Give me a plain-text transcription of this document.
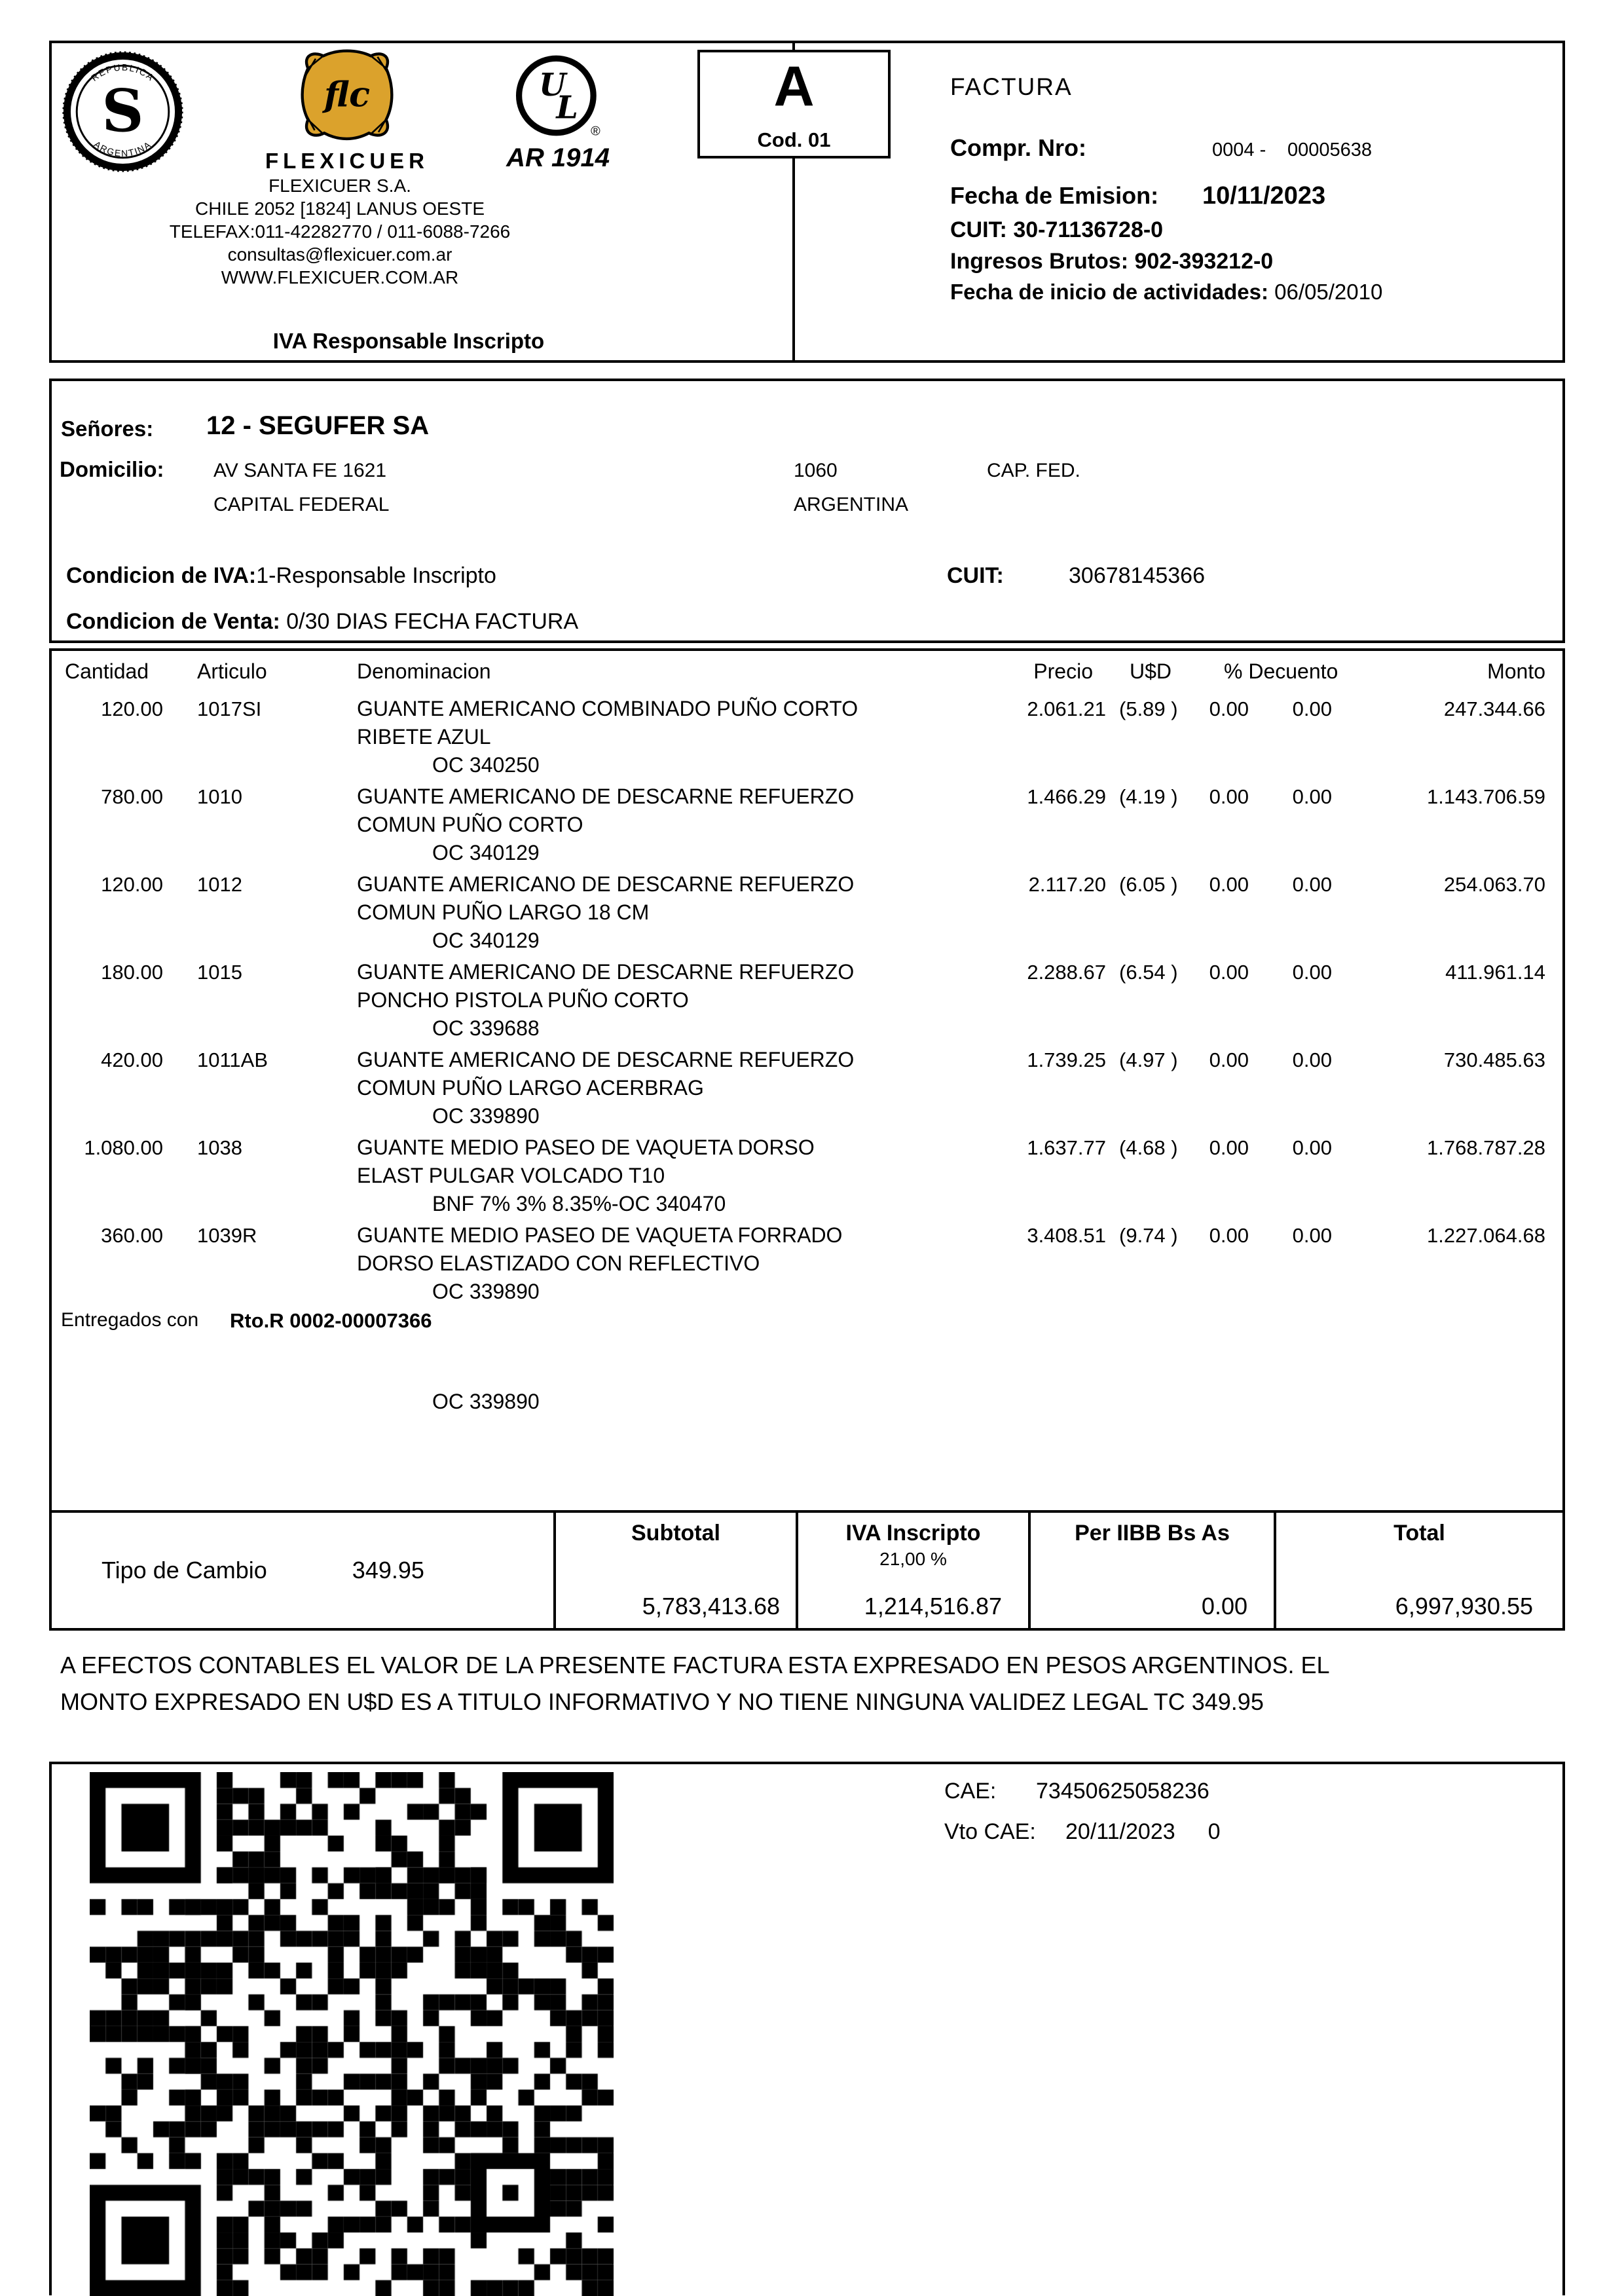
S
REPUBLICA
ARGENTINA
flc
FLEXICUER
U
L
®
AR 1914
FLEXICUER S.A.
CHILE 2052 [1824] LANUS OESTE
TELEFAX:011-42282770 / 011-6088-7266
consultas@flexicuer.com.ar
WWW.FLEXICUER.COM.AR
IVA Responsable Inscripto
A
Cod. 01
FACTURA
Compr. Nro:	0004 - 00005638
Fecha de Emision: 10/11/2023
CUIT: 30-71136728-0
Ingresos Brutos: 902-393212-0
Fecha de inicio de actividades: 06/05/2010
Señores: 12 - SEGUFER SA
Domicilio:	AV SANTA FE 1621	1060	CAP. FED.
CAPITAL FEDERAL	ARGENTINA
Condicion de IVA:1-Responsable Inscripto	CUIT:	30678145366
Condicion de Venta: 0/30 DIAS FECHA FACTURA
Cantidad	Articulo	Denominacion	Precio	U$D	% Decuento	Monto
120.00	1017SI	GUANTE AMERICANO COMBINADO PUÑO CORTO
RIBETE AZUL
OC 340250
2.061.21 (5.89 )	0.00	0.00	247.344.66
780.00	1010	GUANTE AMERICANO DE DESCARNE REFUERZO
COMUN PUÑO CORTO
OC 340129
1.466.29 (4.19 )	0.00	0.00	1.143.706.59
120.00	1012	GUANTE AMERICANO DE DESCARNE REFUERZO
COMUN PUÑO LARGO 18 CM
OC 340129
2.117.20 (6.05 )	0.00	0.00	254.063.70
180.00	1015	GUANTE AMERICANO DE DESCARNE REFUERZO
PONCHO PISTOLA PUÑO CORTO
OC 339688
2.288.67 (6.54 )	0.00	0.00	411.961.14
420.00	1011AB	GUANTE AMERICANO DE DESCARNE REFUERZO
COMUN PUÑO LARGO ACERBRAG
OC 339890
1.739.25 (4.97 )	0.00	0.00	730.485.63
1.080.00	1038	GUANTE MEDIO PASEO DE VAQUETA DORSO
ELAST PULGAR VOLCADO T10
BNF 7% 3% 8.35%-OC 340470
1.637.77 (4.68 )	0.00	0.00	1.768.787.28
360.00	1039R	GUANTE MEDIO PASEO DE VAQUETA FORRADO
DORSO ELASTIZADO CON REFLECTIVO
OC 339890
3.408.51 (9.74 )	0.00	0.00	1.227.064.68
Entregados con Rto.R 0002-00007366
OC 339890
Tipo de Cambio	349.95
Subtotal
5,783,413.68
IVA Inscripto
21,00 %
1,214,516.87
Per IIBB Bs As
0.00
Total
6,997,930.55
A EFECTOS CONTABLES EL VALOR DE LA PRESENTE FACTURA ESTA EXPRESADO EN PESOS ARGENTINOS. EL
MONTO EXPRESADO EN U$D ES A TITULO INFORMATIVO Y NO TIENE NINGUNA VALIDEZ LEGAL TC 349.95
CAE: 73450625058236
Vto CAE: 20/11/2023 0
